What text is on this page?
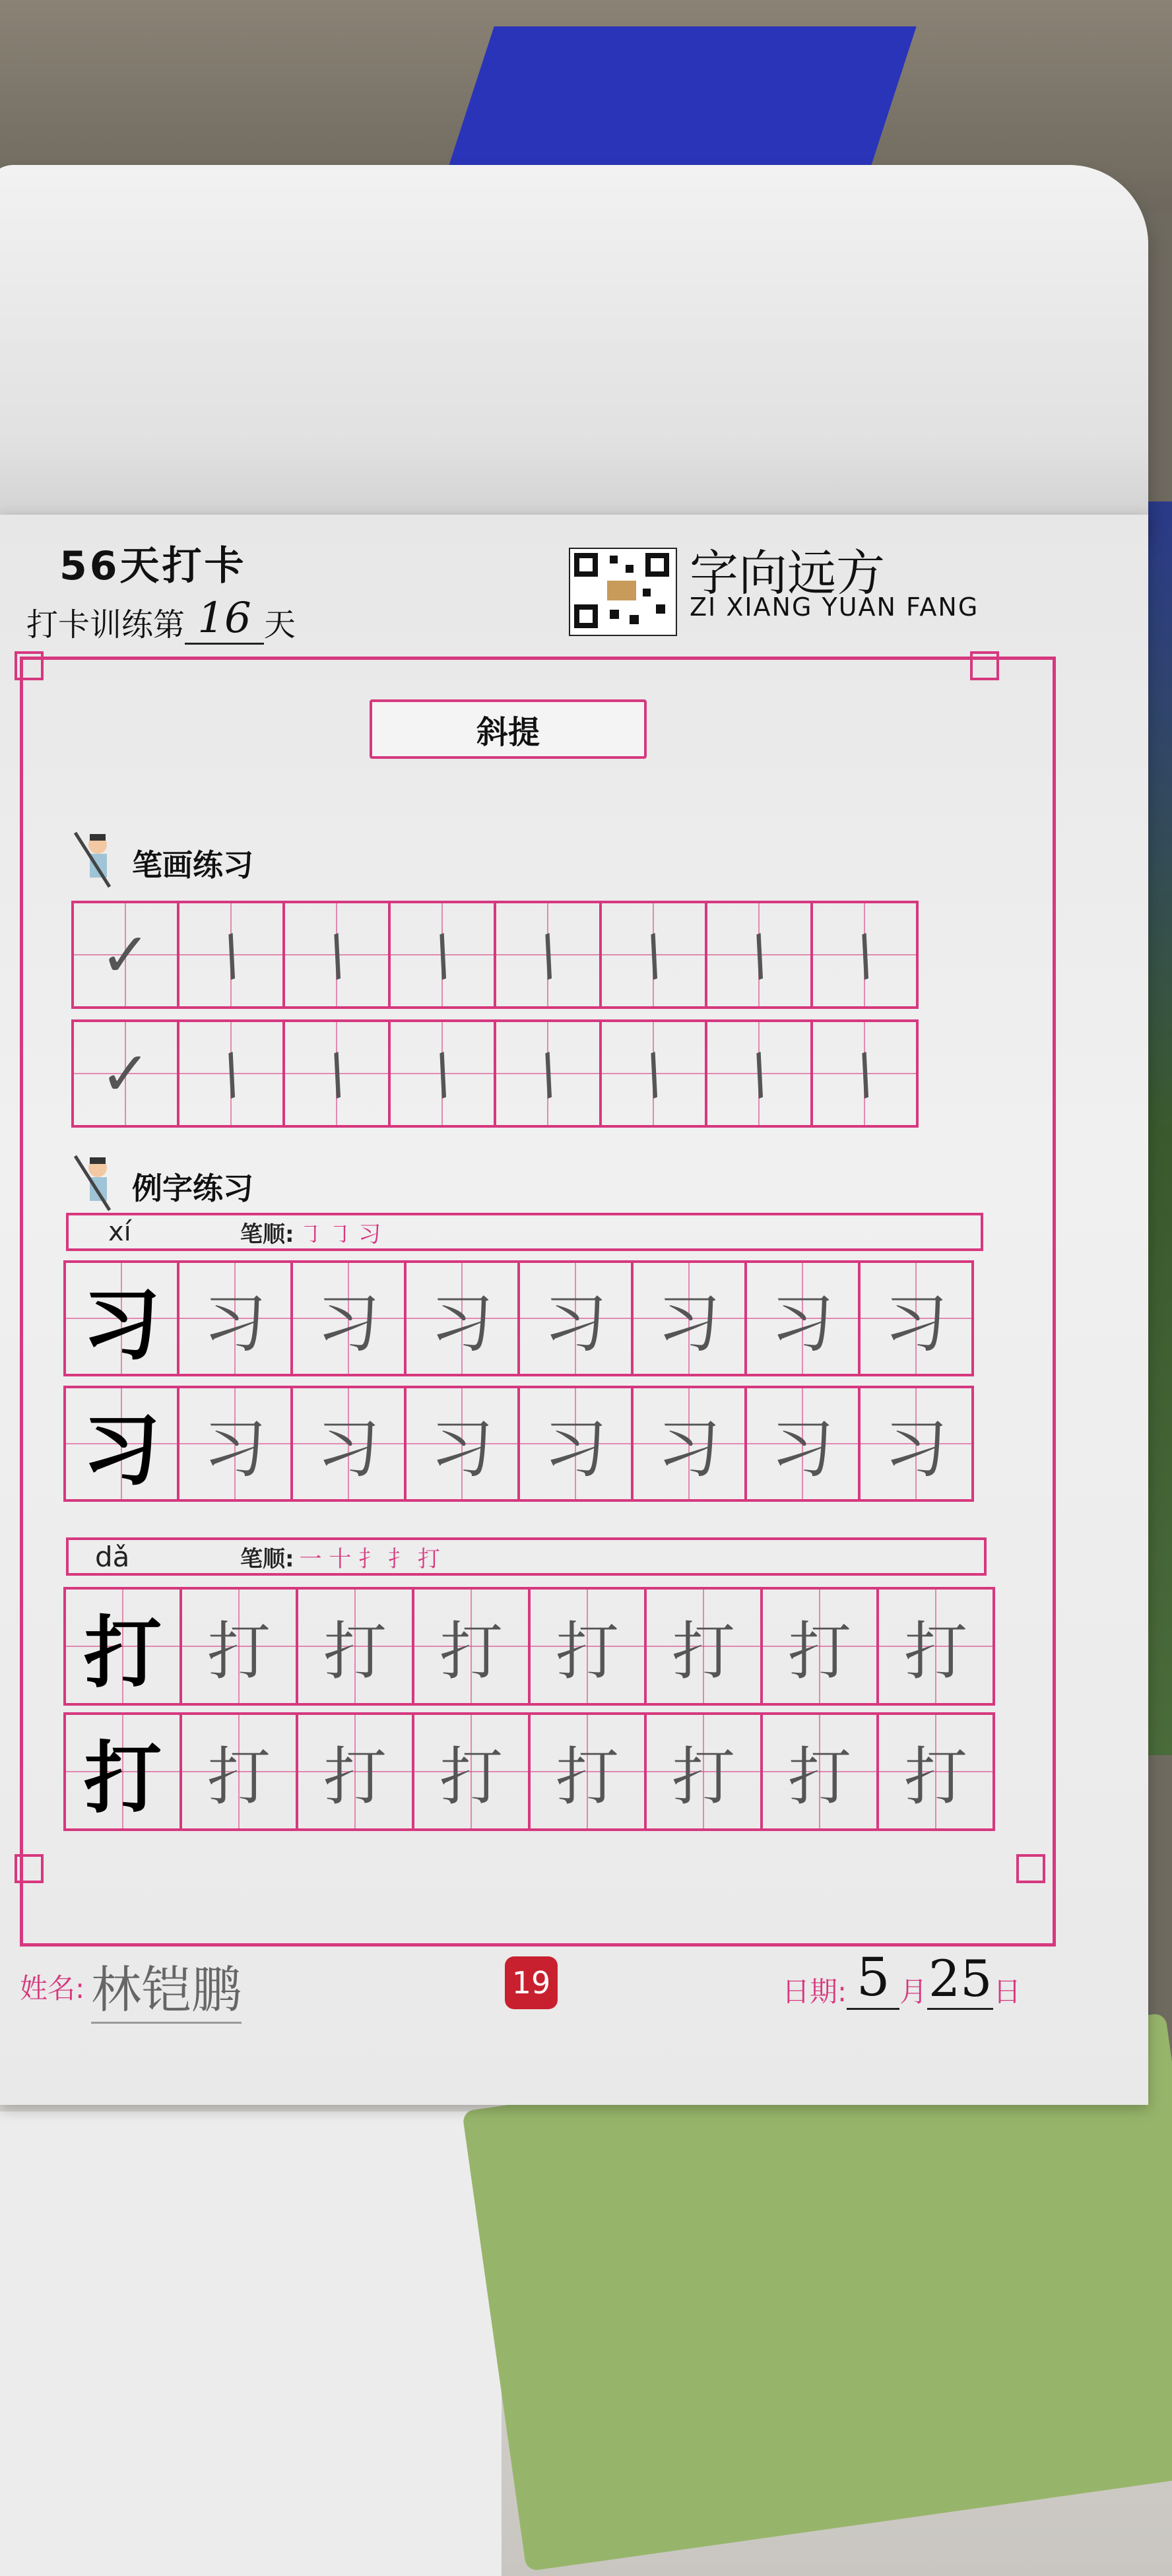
56天打卡
打卡训练第 16 天
字向远方
ZI XIANG YUAN FANG
斜提
笔画练习
✓ / / / / / / /
✓ / / / / / / /
例字练习
xí	笔顺: ㇆ ㇆ 习
习 习 习 习 习 习 习 习
习 习 习 习 习 习 习 习
dǎ	笔顺: 一 十 扌 扌 打
打 打 打 打 打 打 打 打
打 打 打 打 打 打 打 打
姓名: 林铠鹏	19	日期: 5 月 25 日
